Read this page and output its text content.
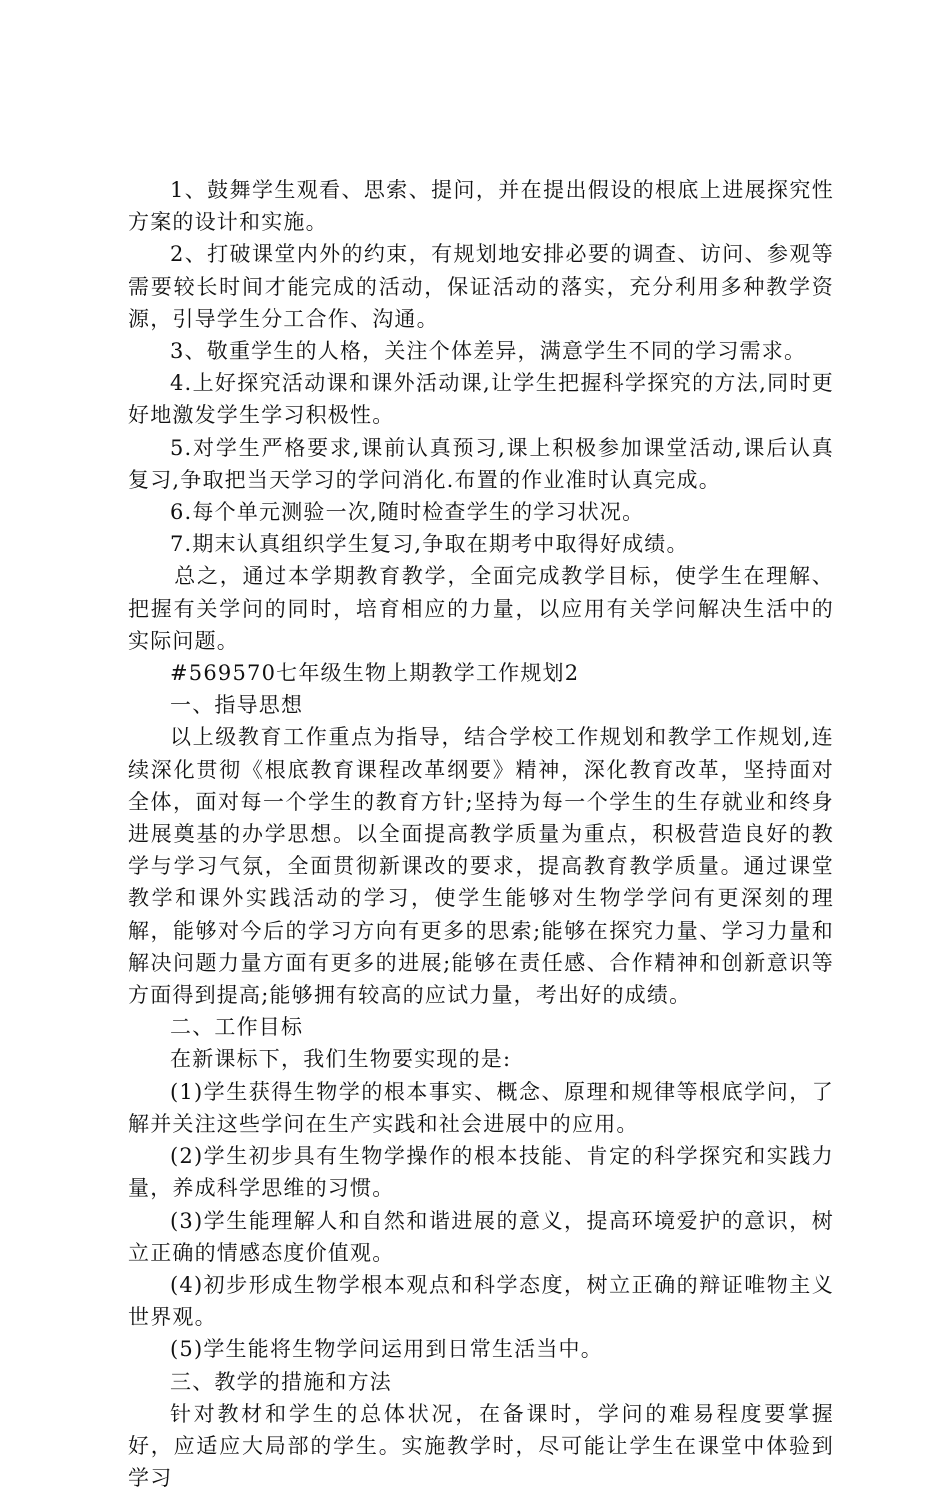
1、鼓舞学生观看、思索、提问，并在提出假设的根底上进展探究性方案的设计和实施。

2、打破课堂内外的约束，有规划地安排必要的调查、访问、参观等需要较长时间才能完成的活动，保证活动的落实，充分利用多种教学资源，引导学生分工合作、沟通。

3、敬重学生的人格，关注个体差异，满意学生不同的学习需求。

4.上好探究活动课和课外活动课,让学生把握科学探究的方法,同时更好地激发学生学习积极性。

5.对学生严格要求,课前认真预习,课上积极参加课堂活动,课后认真复习,争取把当天学习的学问消化.布置的作业准时认真完成。

6.每个单元测验一次,随时检查学生的学习状况。

7.期末认真组织学生复习,争取在期考中取得好成绩。

总之，通过本学期教育教学，全面完成教学目标，使学生在理解、把握有关学问的同时，培育相应的力量，以应用有关学问解决生活中的实际问题。

#569570七年级生物上期教学工作规划2

一、指导思想

以上级教育工作重点为指导，结合学校工作规划和教学工作规划,连续深化贯彻《根底教育课程改革纲要》精神，深化教育改革，坚持面对全体，面对每一个学生的教育方针;坚持为每一个学生的生存就业和终身进展奠基的办学思想。以全面提高教学质量为重点，积极营造良好的教学与学习气氛，全面贯彻新课改的要求，提高教育教学质量。通过课堂教学和课外实践活动的学习，使学生能够对生物学学问有更深刻的理解，能够对今后的学习方向有更多的思索;能够在探究力量、学习力量和解决问题力量方面有更多的进展;能够在责任感、合作精神和创新意识等方面得到提高;能够拥有较高的应试力量，考出好的成绩。

二、工作目标

在新课标下，我们生物要实现的是:

(1)学生获得生物学的根本事实、概念、原理和规律等根底学问，了解并关注这些学问在生产实践和社会进展中的应用。

(2)学生初步具有生物学操作的根本技能、肯定的科学探究和实践力量，养成科学思维的习惯。

(3)学生能理解人和自然和谐进展的意义，提高环境爱护的意识，树立正确的情感态度价值观。

(4)初步形成生物学根本观点和科学态度，树立正确的辩证唯物主义世界观。

(5)学生能将生物学问运用到日常生活当中。

三、教学的措施和方法

针对教材和学生的总体状况，在备课时，学问的难易程度要掌握好，应适应大局部的学生。实施教学时，尽可能让学生在课堂中体验到学习
